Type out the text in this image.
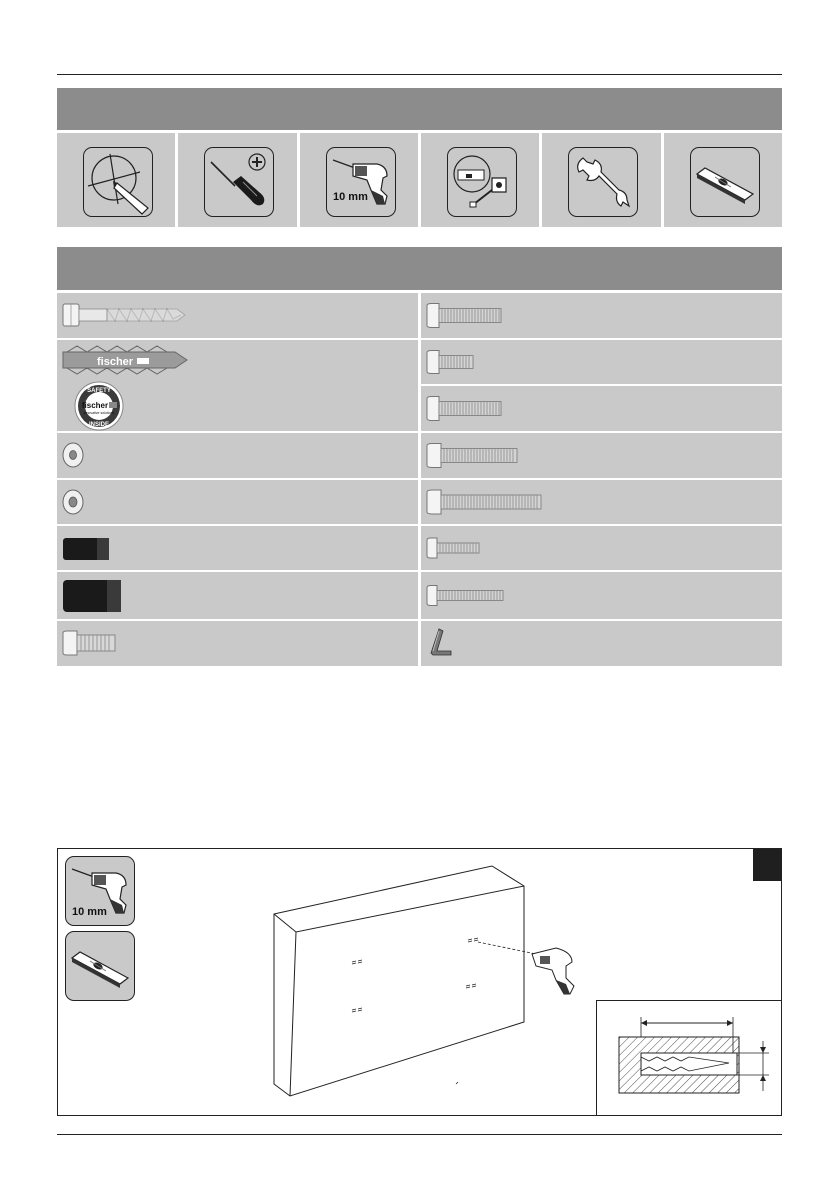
10 mm
fischer
SAFETY
INSIDE
fischer
innovative solutions
10 mm
